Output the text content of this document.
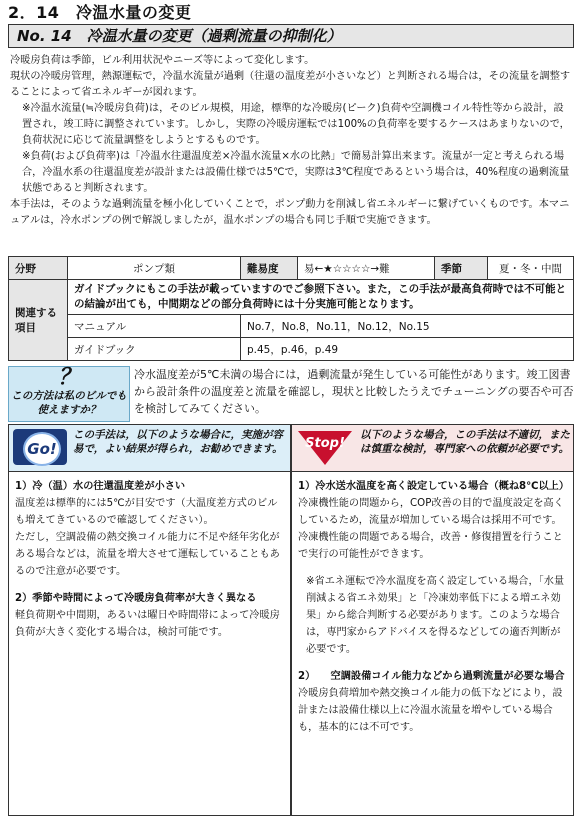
2．14　冷温水量の変更
No. 14　冷温水量の変更（過剰流量の抑制化）

冷暖房負荷は季節，ビル利用状況やニーズ等によって変化します。

現状の冷暖房管理，熱源運転で，冷温水流量が過剰（往還の温度差が小さいなど）と判断される場合は，その流量を調整することによって省エネルギーが図れます。

※冷温水流量(≒冷暖房負荷)は，そのビル規模，用途，標準的な冷暖房(ピーク)負荷や空調機コイル特性等から設計，設置され，竣工時に調整されています。しかし，実際の冷暖房運転では100%の負荷率を要するケースはあまりないので，負荷状況に応じて流量調整をしようとするものです。

※負荷(および負荷率)は「冷温水往還温度差×冷温水流量×水の比熱」で簡易計算出来ます。流量が一定と考えられる場合，冷温水系の往還温度差が設計または設備仕様では5℃で，実際は3℃程度であるという場合は，40%程度の過剰流量状態であると判断されます。

本手法は，そのような過剰流量を極小化していくことで，ポンプ動力を削減し省エネルギーに繋げていくものです。本マニュアルは，冷水ポンプの例で解説しましたが，温水ポンプの場合も同じ手順で実施できます。

分野	ポンプ類	難易度	易←★☆☆☆☆→難	季節	夏・冬・中間
関連する項目	ガイドブックにもこの手法が載っていますのでご参照下さい。また，この手法が最高負荷時では不可能との結論が出ても，中間期などの部分負荷時には十分実施可能となります。				
	マニュアル	No.7，No.8，No.11，No.12，No.15			
	ガイドブック	p.45，p.46，p.49			
？
この方法は私のビルでも使えますか？
冷水温度差が5℃未満の場合には，過剰流量が発生している可能性があります。竣工図書から設計条件の温度差と流量を確認し，現状と比較したうえでチューニングの要否や可否を検討してみてください。
Go!
この手法は，以下のような場合に，実施が容易で，よい結果が得られ，お勧めできます。

1）冷（温）水の往還温度差が小さい

温度差は標準的には5℃が目安です（大温度差方式のビルも増えてきているので確認してください）。

ただし，空調設備の熱交換コイル能力に不足や経年劣化がある場合などは，流量を増大させて運転していることもあるので注意が必要です。

2）季節や時間によって冷暖房負荷率が大きく異なる

軽負荷期や中間期，あるいは曜日や時間帯によって冷暖房負荷が大きく変化する場合は，検討可能です。

Stop!
以下のような場合，この手法は不適切，または慎重な検討，専門家への依頼が必要です。

1）冷水送水温度を高く設定している場合（概ね8℃以上）

冷凍機性能の問題から，COP改善の目的で温度設定を高くしているため，流量が増加している場合は採用不可です。

冷凍機性能の問題である場合，改善・修復措置を行うことで実行の可能性ができます。

※省エネ運転で冷水温度を高く設定している場合，「水量削減よる省エネ効果」と「冷凍効率低下による増エネ効果」から総合判断する必要があります。このような場合は，専門家からアドバイスを得るなどしての適否判断が必要です。

2）　　空調設備コイル能力などから過剰流量が必要な場合

冷暖房負荷増加や熱交換コイル能力の低下などにより，設計または設備仕様以上に冷温水流量を増やしている場合も，基本的には不可です。
